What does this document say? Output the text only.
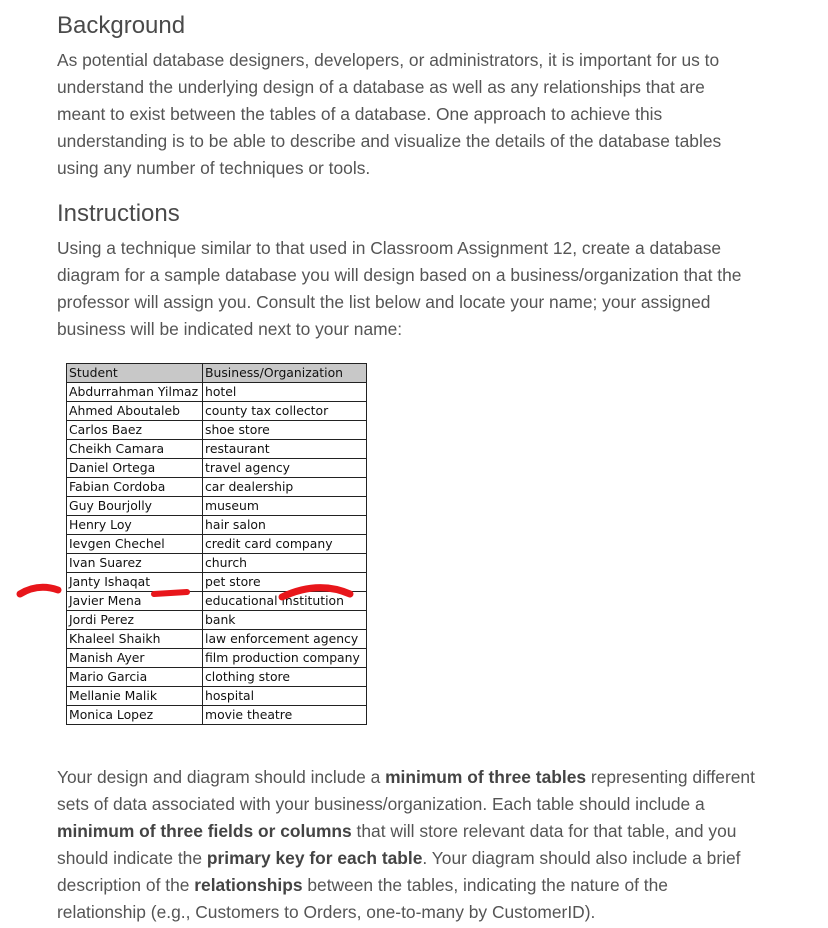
Background

As potential database designers, developers, or administrators, it is important for us to understand the underlying design of a database as well as any relationships that are meant to exist between the tables of a database. One approach to achieve this understanding is to be able to describe and visualize the details of the database tables using any number of techniques or tools.

Instructions

Using a technique similar to that used in Classroom Assignment 12, create a database diagram for a sample database you will design based on a business/organization that the professor will assign you. Consult the list below and locate your name; your assigned business will be indicated next to your name:

Your design and diagram should include a minimum of three tables representing different sets of data associated with your business/organization. Each table should include a minimum of three fields or columns that will store relevant data for that table, and you should indicate the primary key for each table. Your diagram should also include a brief description of the relationships between the tables, indicating the nature of the relationship (e.g., Customers to Orders, one-to-many by CustomerID).

Student	Business/Organization
Abdurrahman Yilmaz	hotel
Ahmed Aboutaleb	county tax collector
Carlos Baez	shoe store
Cheikh Camara	restaurant
Daniel Ortega	travel agency
Fabian Cordoba	car dealership
Guy Bourjolly	museum
Henry Loy	hair salon
Ievgen Chechel	credit card company
Ivan Suarez	church
Janty Ishaqat	pet store
Javier Mena	educational institution
Jordi Perez	bank
Khaleel Shaikh	law enforcement agency
Manish Ayer	film production company
Mario Garcia	clothing store
Mellanie Malik	hospital
Monica Lopez	movie theatre
